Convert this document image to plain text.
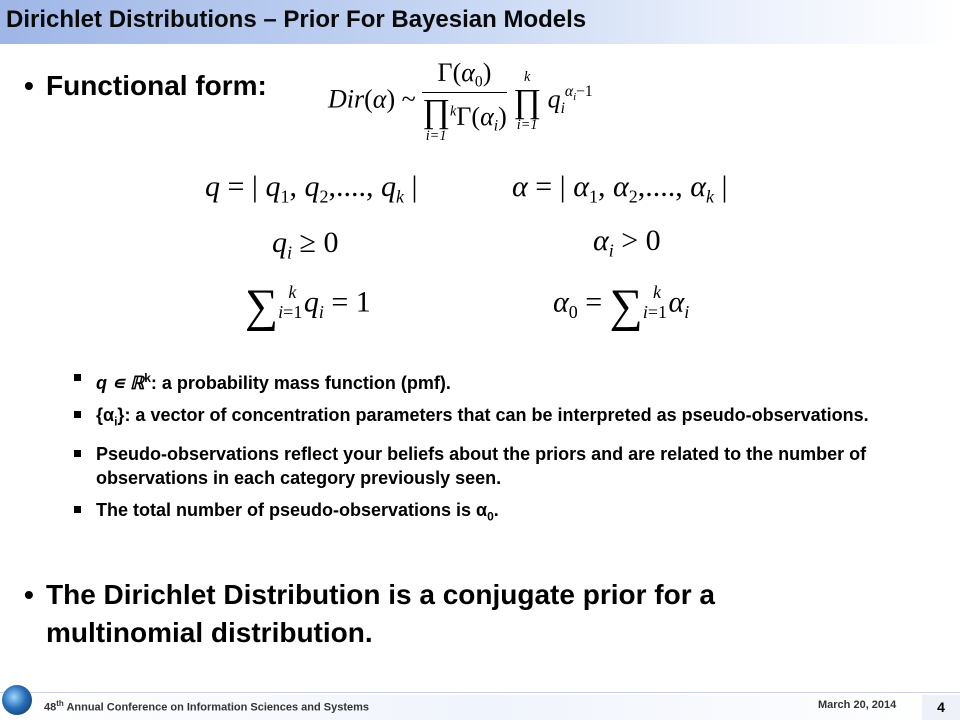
Dirichlet Distributions – Prior For Bayesian Models
• Functional form: Dir(α) ~ $\Gamma(\alpha_0)$
∏
i=1
$^k\Gamma(\alpha_i)$
	k
∏
i=1
$q_i^{\alpha_i-1}$
q = | $q_1$, $q_2$,...., $q_k$ |
$q_i \ge 0$
$\sum_{i=1}^k$ $q_i = 1$
α = | $\alpha_1$, $\alpha_2$,...., $\alpha_k$ |
$\alpha_i > 0$
$\alpha_0 = \sum_{i=1}^k$ $\alpha_i$
q ∊ ℝ$^k$: a probability mass function (pmf).
$\{\alpha_i\}$: a vector of concentration parameters that can be interpreted as pseudo-observations.
Pseudo-observations reflect your beliefs about the priors and are related to the number of observations in each category previously seen.
The total number of pseudo-observations is $\alpha_0$.
• The Dirichlet Distribution is a conjugate prior for a multinomial distribution.
48th Annual Conference on Information Sciences and Systems	March 20, 2014	4
